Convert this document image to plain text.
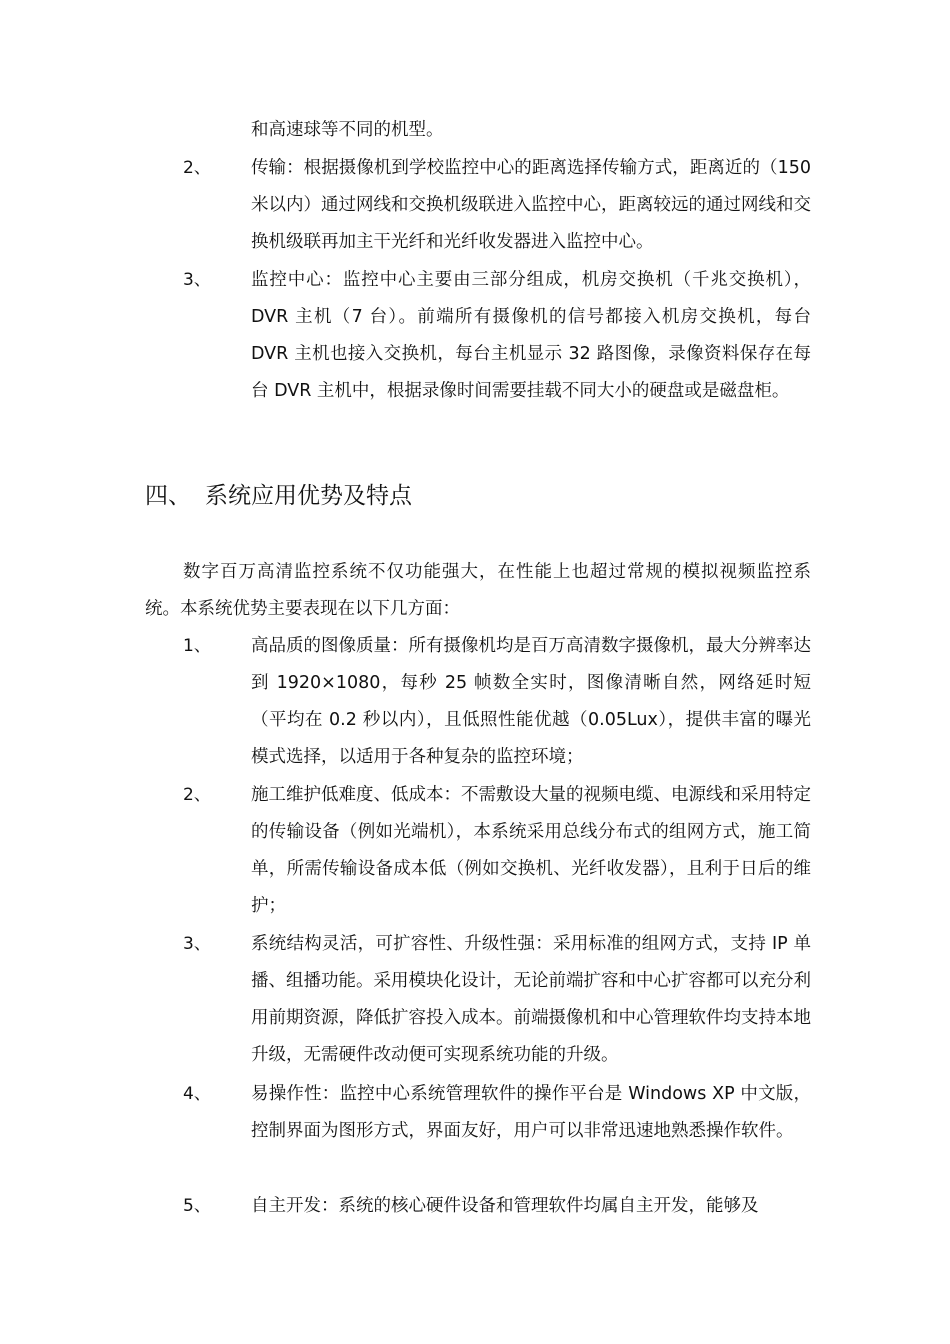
和高速球等不同的机型。
2、 传输：根据摄像机到学校监控中心的距离选择传输方式，距离近的（150 米以内）通过网线和交换机级联进入监控中心，距离较远的通过网线和交换机级联再加主干光纤和光纤收发器进入监控中心。
3、 监控中心：监控中心主要由三部分组成，机房交换机（千兆交换机），DVR 主机（7 台）。前端所有摄像机的信号都接入机房交换机，每台 DVR 主机也接入交换机，每台主机显示 32 路图像，录像资料保存在每台 DVR 主机中，根据录像时间需要挂载不同大小的硬盘或是磁盘柜。
四、 系统应用优势及特点
数字百万高清监控系统不仅功能强大，在性能上也超过常规的模拟视频监控系统。本系统优势主要表现在以下几方面：
1、 高品质的图像质量：所有摄像机均是百万高清数字摄像机，最大分辨率达到 1920×1080，每秒 25 帧数全实时，图像清晰自然，网络延时短（平均在 0.2 秒以内），且低照性能优越（0.05Lux），提供丰富的曝光模式选择，以适用于各种复杂的监控环境；
2、 施工维护低难度、低成本：不需敷设大量的视频电缆、电源线和采用特定的传输设备（例如光端机），本系统采用总线分布式的组网方式，施工简单，所需传输设备成本低（例如交换机、光纤收发器），且利于日后的维护；
3、 系统结构灵活，可扩容性、升级性强：采用标准的组网方式，支持 IP 单播、组播功能。采用模块化设计，无论前端扩容和中心扩容都可以充分利用前期资源，降低扩容投入成本。前端摄像机和中心管理软件均支持本地升级，无需硬件改动便可实现系统功能的升级。
4、 易操作性：监控中心系统管理软件的操作平台是 Windows XP 中文版，控制界面为图形方式，界面友好，用户可以非常迅速地熟悉操作软件。
5、 自主开发：系统的核心硬件设备和管理软件均属自主开发，能够及
